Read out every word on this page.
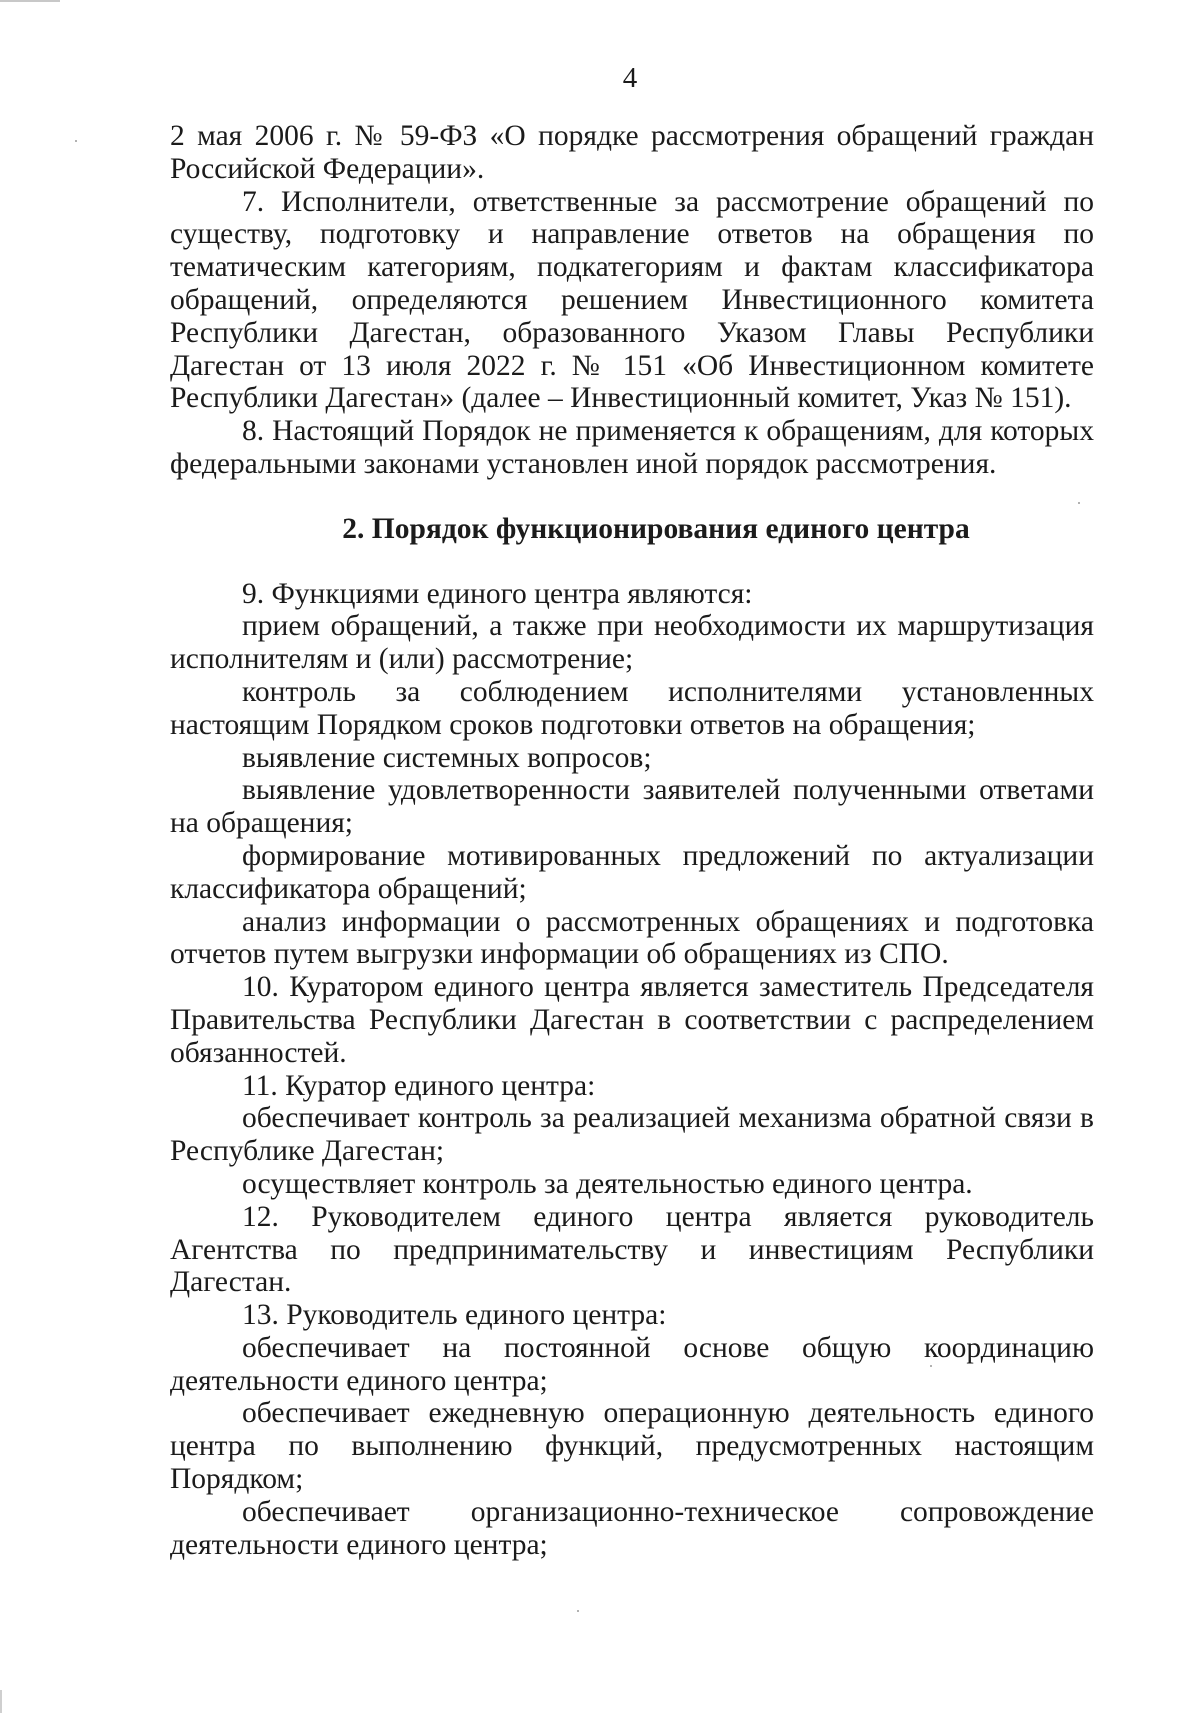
4

2 мая 2006 г. № 59-ФЗ «О порядке рассмотрения обращений граждан Российской Федерации».

7. Исполнители, ответственные за рассмотрение обращений по существу, подготовку и направление ответов на обращения по тематическим категориям, подкатегориям и фактам классификатора обращений, определяются решением Инвестиционного комитета Республики Дагестан, образованного Указом Главы Республики Дагестан от 13 июля 2022 г. № 151 «Об Инвестиционном комитете Республики Дагестан» (далее – Инвестиционный комитет, Указ № 151).

8. Настоящий Порядок не применяется к обращениям, для которых федеральными законами установлен иной порядок рассмотрения.

2. Порядок функционирования единого центра

9. Функциями единого центра являются:

прием обращений, а также при необходимости их маршрутизация исполнителям и (или) рассмотрение;

контроль за соблюдением исполнителями установленных настоящим Порядком сроков подготовки ответов на обращения;

выявление системных вопросов;

выявление удовлетворенности заявителей полученными ответами на обращения;

формирование мотивированных предложений по актуализации классификатора обращений;

анализ информации о рассмотренных обращениях и подготовка отчетов путем выгрузки информации об обращениях из СПО.

10. Куратором единого центра является заместитель Председателя Правительства Республики Дагестан в соответствии с распределением обязанностей.

11. Куратор единого центра:

обеспечивает контроль за реализацией механизма обратной связи в Республике Дагестан;

осуществляет контроль за деятельностью единого центра.

12. Руководителем единого центра является руководитель Агентства по предпринимательству и инвестициям Республики Дагестан.

13. Руководитель единого центра:

обеспечивает на постоянной основе общую координацию деятельности единого центра;

обеспечивает ежедневную операционную деятельность единого центра по выполнению функций, предусмотренных настоящим Порядком;

обеспечивает организационно-техническое сопровождение деятельности единого центра;
